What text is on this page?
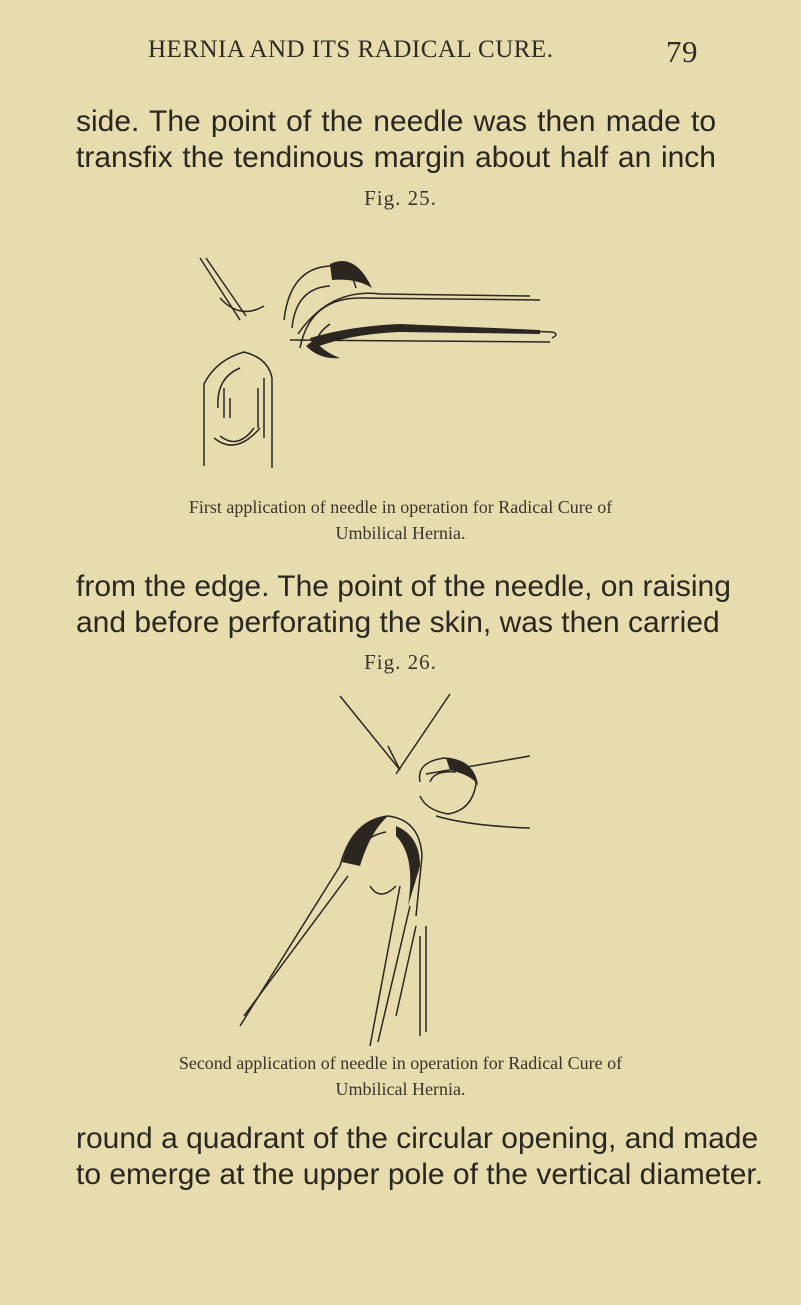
HERNIA AND ITS RADICAL CURE.	79
side. The point of the needle was then made to
transfix the tendinous margin about half an inch
Fig. 25.
First application of needle in operation for Radical Cure of
Umbilical Hernia.
from the edge. The point of the needle, on raising
and before perforating the skin, was then carried
Fig. 26.
Second application of needle in operation for Radical Cure of
Umbilical Hernia.
round a quadrant of the circular opening, and made
to emerge at the upper pole of the vertical diameter.
